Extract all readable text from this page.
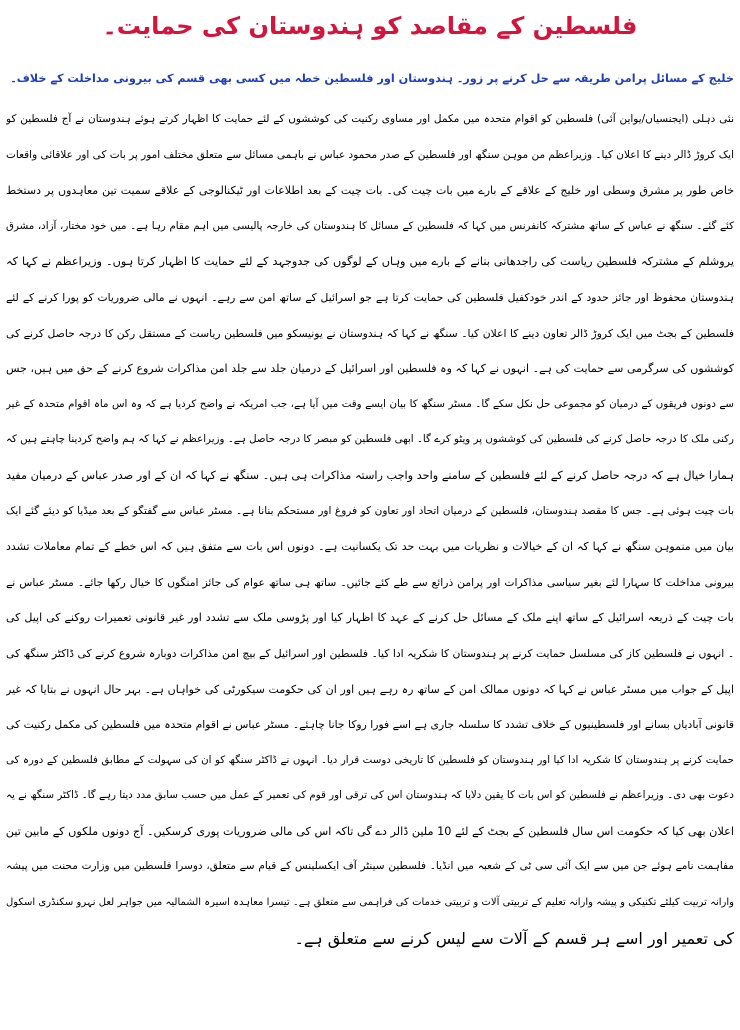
فلسطین کے مقاصد کو ہندوستان کی حمایت۔
خلیج کے مسائل پرامن طریقہ سے حل کرنے پر زور۔ ہندوستان اور فلسطین خطہ میں کسی بھی قسم کی بیرونی مداخلت کے خلاف۔
نئی دہلی (ایجنسیاں/یواین آئی) فلسطین کو اقوام متحدہ میں مکمل اور مساوی رکنیت کی کوششوں کے لئے حمایت کا اظہار کرتے ہوئے ہندوستان نے آج فلسطین کو
ایک کروڑ ڈالر دینے کا اعلان کیا۔ وزیراعظم من موہن سنگھ اور فلسطین کے صدر محمود عباس نے باہمی مسائل سے متعلق مختلف امور پر بات کی اور علاقائی واقعات
خاص طور پر مشرق وسطی اور خلیج کے علاقے کے بارے میں بات چیت کی۔ بات چیت کے بعد اطلاعات اور ٹیکنالوجی کے علاقے سمیت تین معاہدوں پر دستخط
کئے گئے۔ سنگھ نے عباس کے ساتھ مشترکہ کانفرنس میں کہا کہ فلسطین کے مسائل کا ہندوستان کی خارجہ پالیسی میں اہم مقام رہا ہے۔ میں خود مختار، آزاد، مشرق
یروشلم کے مشترکہ فلسطین ریاست کی راجدھانی بنانے کے بارے میں وہاں کے لوگوں کی جدوجہد کے لئے حمایت کا اظہار کرتا ہوں۔ وزیراعظم نے کہا کہ
ہندوستان محفوظ اور جائز حدود کے اندر خودکفیل فلسطین کی حمایت کرتا ہے جو اسرائیل کے ساتھ امن سے رہے۔ انہوں نے مالی ضروریات کو پورا کرنے کے لئے
فلسطین کے بجٹ میں ایک کروڑ ڈالر تعاون دینے کا اعلان کیا۔ سنگھ نے کہا کہ ہندوستان نے یونیسکو میں فلسطین ریاست کے مستقل رکن کا درجہ حاصل کرنے کی
کوششوں کی سرگرمی سے حمایت کی ہے۔ انہوں نے کہا کہ وہ فلسطین اور اسرائیل کے درمیان جلد سے جلد امن مذاکرات شروع کرنے کے حق میں ہیں، جس
سے دونوں فریقوں کے درمیان کو مجموعی حل نکل سکے گا۔ مسٹر سنگھ کا بیان ایسے وقت میں آیا ہے، جب امریکہ نے واضح کردیا ہے کہ وہ اس ماہ اقوام متحدہ کے غیر
رکنی ملک کا درجہ حاصل کرنے کی فلسطین کی کوششوں پر ویٹو کرے گا۔ ابھی فلسطین کو مبصر کا درجہ حاصل ہے۔ وزیراعظم نے کہا کہ ہم واضح کردینا چاہتے ہیں کہ
ہمارا خیال ہے کہ درجہ حاصل کرنے کے لئے فلسطین کے سامنے واحد واجب راستہ مذاکرات ہی ہیں۔ سنگھ نے کہا کہ ان کے اور صدر عباس کے درمیان مفید
بات چیت ہوئی ہے۔ جس کا مقصد ہندوستان، فلسطین کے درمیان اتحاد اور تعاون کو فروغ اور مستحکم بنانا ہے۔ مسٹر عباس سے گفتگو کے بعد میڈیا کو دیئے گئے ایک
بیان میں منموہن سنگھ نے کہا کہ ان کے خیالات و نظریات میں بہت حد تک یکسانیت ہے۔ دونوں اس بات سے متفق ہیں کہ اس خطے کے تمام معاملات تشدد
بیرونی مداخلت کا سہارا لئے بغیر سیاسی مذاکرات اور پرامن ذرائع سے طے کئے جائیں۔ ساتھ ہی ساتھ عوام کی جائز امنگوں کا خیال رکھا جائے۔ مسٹر عباس نے
بات چیت کے ذریعہ اسرائیل کے ساتھ اپنے ملک کے مسائل حل کرنے کے عہد کا اظہار کیا اور پڑوسی ملک سے تشدد اور غیر قانونی تعمیرات روکنے کی اپیل کی
۔ انہوں نے فلسطین کاز کی مسلسل حمایت کرنے پر ہندوستان کا شکریہ ادا کیا۔ فلسطین اور اسرائیل کے بیچ امن مذاکرات دوبارہ شروع کرنے کی ڈاکٹر سنگھ کی
اپیل کے جواب میں مسٹر عباس نے کہا کہ دونوں ممالک امن کے ساتھ رہ رہے ہیں اور ان کی حکومت سیکورٹی کی خواہاں ہے۔ بہر حال انہوں نے بتایا کہ غیر
قانونی آبادیاں بسانے اور فلسطینیوں کے خلاف تشدد کا سلسلہ جاری ہے اسے فورا روکا جانا چاہئے۔ مسٹر عباس نے اقوام متحدہ میں فلسطین کی مکمل رکنیت کی
حمایت کرنے پر ہندوستان کا شکریہ ادا کیا اور ہندوستان کو فلسطین کا تاریخی دوست قرار دیا۔ انہوں نے ڈاکٹر سنگھ کو ان کی سہولت کے مطابق فلسطین کے دورہ کی
دعوت بھی دی۔ وزیراعظم نے فلسطین کو اس بات کا یقین دلایا کہ ہندوستان اس کی ترقی اور قوم کی تعمیر کے عمل میں حسب سابق مدد دیتا رہے گا۔ ڈاکٹر سنگھ نے یہ
اعلان بھی کیا کہ حکومت اس سال فلسطین کے بجٹ کے لئے 10 ملین ڈالر دے گی تاکہ اس کی مالی ضروریات پوری کرسکیں۔ آج دونوں ملکوں کے مابین تین
مفاہمت نامے ہوئے جن میں سے ایک آئی سی ٹی کے شعبہ میں انڈیا۔ فلسطین سینٹر آف ایکسلینس کے قیام سے متعلق، دوسرا فلسطین میں وزارت محنت میں پیشہ
وارانہ تربیت کیلئے تکنیکی و پیشہ وارانہ تعلیم کے تربیتی آلات و تربیتی خدمات کی فراہمی سے متعلق ہے۔ تیسرا معاہدہ اسیرہ الشمالیہ میں جواہر لعل نہرو سکنڈری اسکول
کی تعمیر اور اسے ہر قسم کے آلات سے لیس کرنے سے متعلق ہے۔
